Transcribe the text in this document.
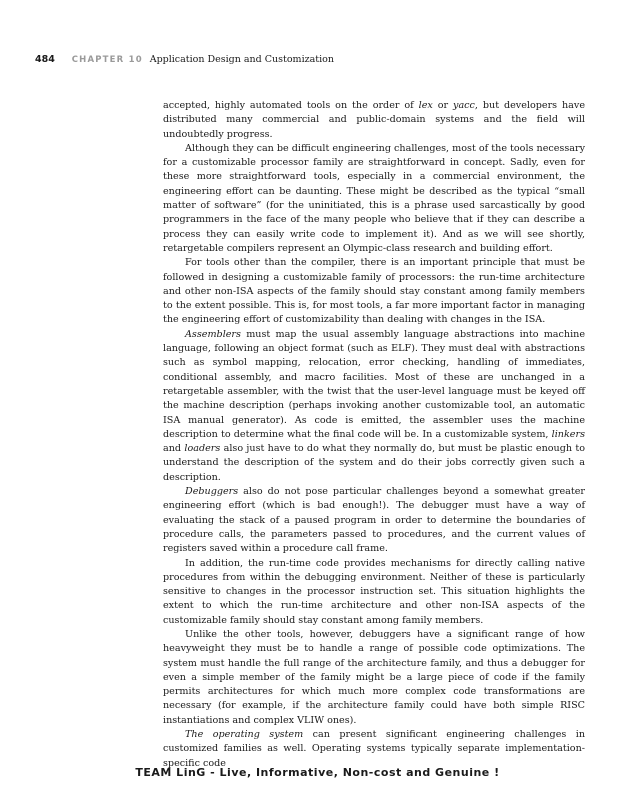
484 CHAPTER 10 Application Design and Customization

accepted, highly automated tools on the order of lex or yacc, but developers have distributed many commercial and public-domain systems and the field will undoubtedly progress.

Although they can be difficult engineering challenges, most of the tools necessary for a customizable processor family are straightforward in concept. Sadly, even for these more straightforward tools, especially in a commercial environment, the engineering effort can be daunting. These might be described as the typical “small matter of software” (for the uninitiated, this is a phrase used sarcastically by good programmers in the face of the many people who believe that if they can describe a process they can easily write code to implement it). And as we will see shortly, retargetable compilers represent an Olympic-class research and building effort.

For tools other than the compiler, there is an important principle that must be followed in designing a customizable family of processors: the run-time architecture and other non-ISA aspects of the family should stay constant among family members to the extent possible. This is, for most tools, a far more important factor in managing the engineering effort of customizability than dealing with changes in the ISA.

Assemblers must map the usual assembly language abstractions into machine language, following an object format (such as ELF). They must deal with abstractions such as symbol mapping, relocation, error checking, handling of immediates, conditional assembly, and macro facilities. Most of these are unchanged in a retargetable assembler, with the twist that the user-level language must be keyed off the machine description (perhaps invoking another customizable tool, an automatic ISA manual generator). As code is emitted, the assembler uses the machine description to determine what the final code will be. In a customizable system, linkers and loaders also just have to do what they normally do, but must be plastic enough to understand the description of the system and do their jobs correctly given such a description.

Debuggers also do not pose particular challenges beyond a somewhat greater engineering effort (which is bad enough!). The debugger must have a way of evaluating the stack of a paused program in order to determine the boundaries of procedure calls, the parameters passed to procedures, and the current values of registers saved within a procedure call frame.

In addition, the run-time code provides mechanisms for directly calling native procedures from within the debugging environment. Neither of these is particularly sensitive to changes in the processor instruction set. This situation highlights the extent to which the run-time architecture and other non-ISA aspects of the customizable family should stay constant among family members.

Unlike the other tools, however, debuggers have a significant range of how heavyweight they must be to handle a range of possible code optimizations. The system must handle the full range of the architecture family, and thus a debugger for even a simple member of the family might be a large piece of code if the family permits architectures for which much more complex code transformations are necessary (for example, if the architecture family could have both simple RISC instantiations and complex VLIW ones).

The operating system can present significant engineering challenges in customized families as well. Operating systems typically separate implementation-specific code

TEAM LinG - Live, Informative, Non-cost and Genuine !
